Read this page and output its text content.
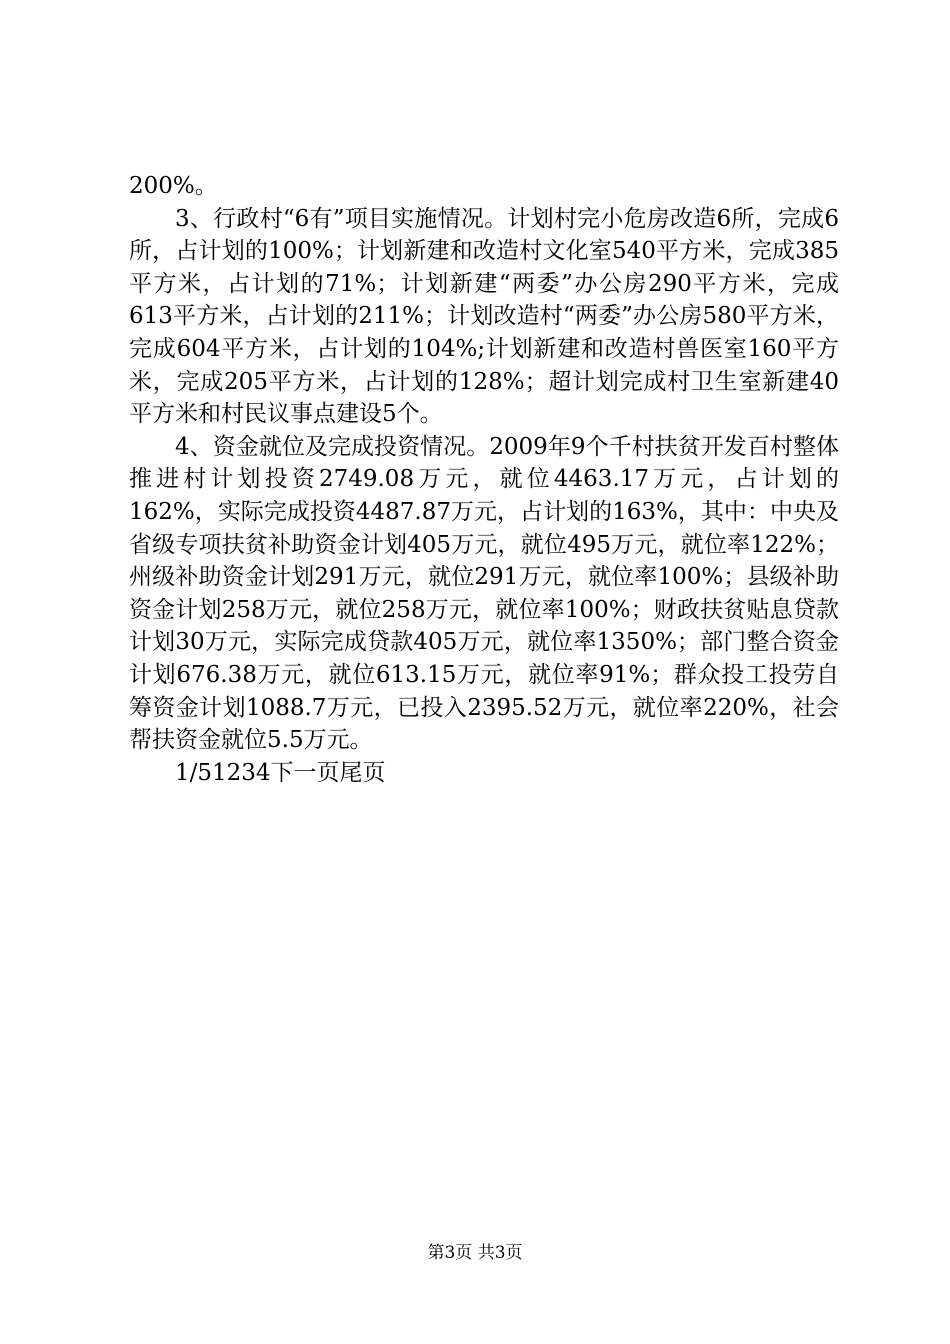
200%。

3、行政村“6有”项目实施情况。计划村完小危房改造6所，完成6所，占计划的100%；计划新建和改造村文化室540平方米，完成385平方米，占计划的71%；计划新建“两委”办公房290平方米，完成613平方米，占计划的211%；计划改造村“两委”办公房580平方米，完成604平方米，占计划的104%;计划新建和改造村兽医室160平方米，完成205平方米，占计划的128%；超计划完成村卫生室新建40平方米和村民议事点建设5个。

4、资金就位及完成投资情况。2009年9个千村扶贫开发百村整体推进村计划投资2749.08万元，就位4463.17万元，占计划的162%，实际完成投资4487.87万元，占计划的163%，其中：中央及省级专项扶贫补助资金计划405万元，就位495万元，就位率122%；州级补助资金计划291万元，就位291万元，就位率100%；县级补助资金计划258万元，就位258万元，就位率100%；财政扶贫贴息贷款计划30万元，实际完成贷款405万元，就位率1350%；部门整合资金计划676.38万元，就位613.15万元，就位率91%；群众投工投劳自筹资金计划1088.7万元，已投入2395.52万元，就位率220%，社会帮扶资金就位5.5万元。

1/51234下一页尾页

第3页 共3页
